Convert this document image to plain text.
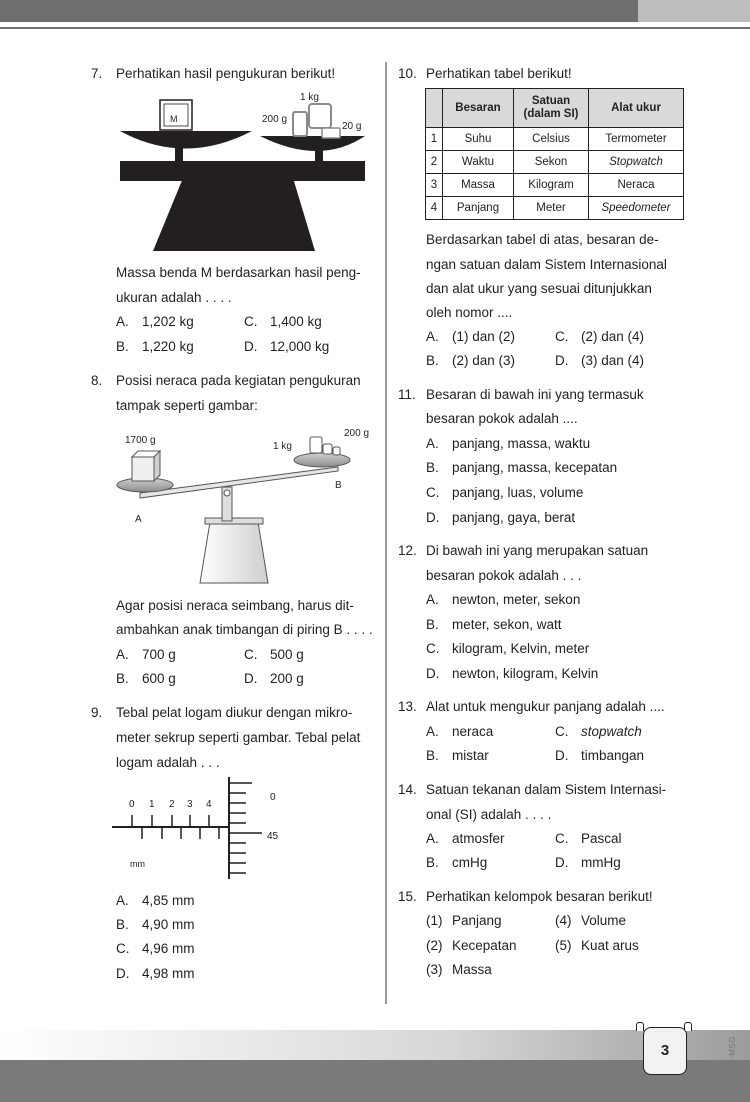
3	001-11-MSG
7. Perhatikan hasil pengukuran berikut!
M
1 kg
200 g
20 g
Massa benda M berdasarkan hasil peng-
ukuran adalah . . . .
A. 1,202 kg	C. 1,400 kg
B. 1,220 kg	D. 12,000 kg
8. Posisi neraca pada kegiatan pengukuran
tampak seperti gambar:
1700 g
1 kg
200 g
A
B
Agar posisi neraca seimbang, harus dit-
ambahkan anak timbangan di piring B . . . .
A. 700 g	C. 500 g
B. 600 g	D. 200 g
9. Tebal pelat logam diukur dengan mikro-
meter sekrup seperti gambar. Tebal pelat
logam adalah . . .
0 1 2 3 4
mm
0
45
A. 4,85 mm
B. 4,90 mm
C. 4,96 mm
D. 4,98 mm
10. Perhatikan tabel berikut!
	Besaran	Satuan (dalam SI)	Alat ukur
1	Suhu	Celsius	Termometer
2	Waktu	Sekon	Stopwatch
3	Massa	Kilogram	Neraca
4	Panjang	Meter	Speedometer
Berdasarkan tabel di atas, besaran de-
ngan satuan dalam Sistem Internasional
dan alat ukur yang sesuai ditunjukkan
oleh nomor ....
A. (1) dan (2)	C. (2) dan (4)
B. (2) dan (3)	D. (3) dan (4)
11. Besaran di bawah ini yang termasuk
besaran pokok adalah ....
A. panjang, massa, waktu
B. panjang, massa, kecepatan
C. panjang, luas, volume
D. panjang, gaya, berat
12. Di bawah ini yang merupakan satuan
besaran pokok adalah . . .
A. newton, meter, sekon
B. meter, sekon, watt
C. kilogram, Kelvin, meter
D. newton, kilogram, Kelvin
13. Alat untuk mengukur panjang adalah ....
A. neraca	C. stopwatch
B. mistar	D. timbangan
14. Satuan tekanan dalam Sistem Internasi-
onal (SI) adalah . . . .
A. atmosfer	C. Pascal
B. cmHg	D. mmHg
15. Perhatikan kelompok besaran berikut!
(1) Panjang	(4) Volume
(2) Kecepatan	(5) Kuat arus
(3) Massa
